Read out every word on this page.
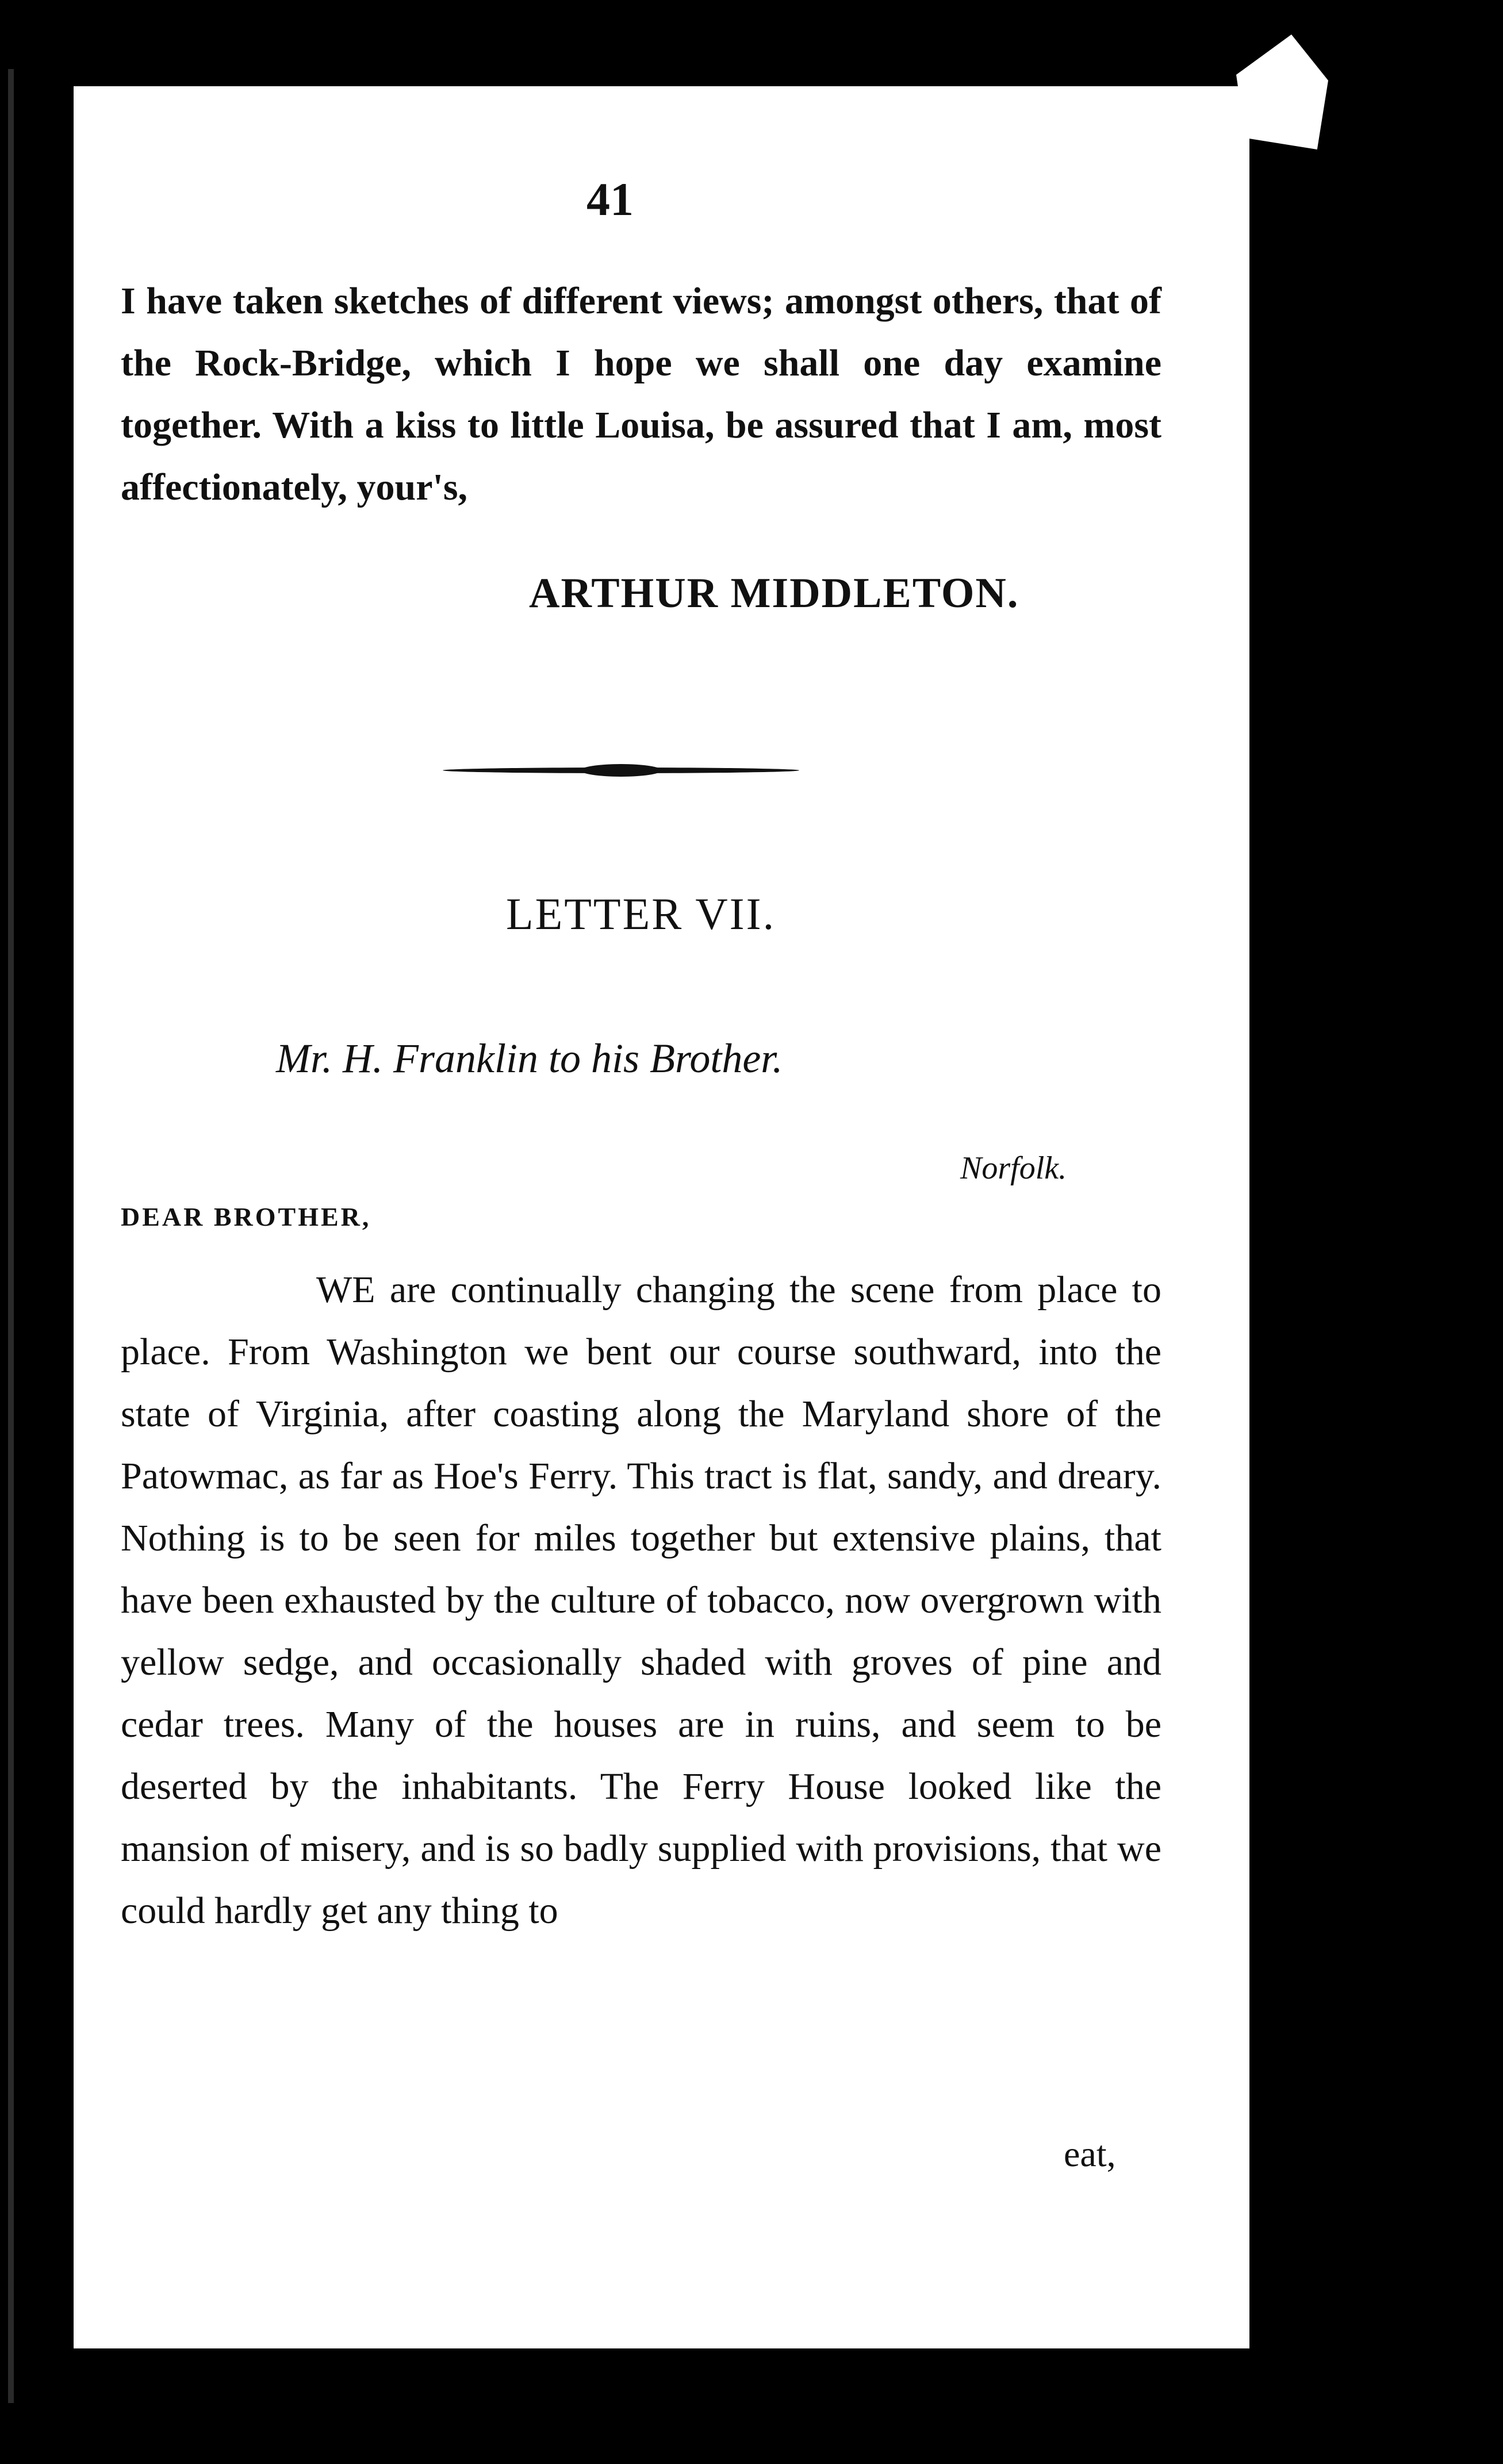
41

I have taken sketches of different views; amongst others, that of the Rock-Bridge, which I hope we shall one day examine together. With a kiss to little Louisa, be assured that I am, most affectionately, your's,

ARTHUR MIDDLETON.
LETTER VII.
Mr. H. Franklin to his Brother.
Norfolk.
DEAR BROTHER,

WE are continually changing the scene from place to place. From Washington we bent our course southward, into the state of Virginia, after coasting along the Maryland shore of the Patowmac, as far as Hoe's Ferry. This tract is flat, sandy, and dreary. Nothing is to be seen for miles together but extensive plains, that have been exhausted by the culture of tobacco, now overgrown with yellow sedge, and occasionally shaded with groves of pine and cedar trees. Many of the houses are in ruins, and seem to be deserted by the inhabitants. The Ferry House looked like the mansion of misery, and is so badly supplied with provisions, that we could hardly get any thing to

eat,
